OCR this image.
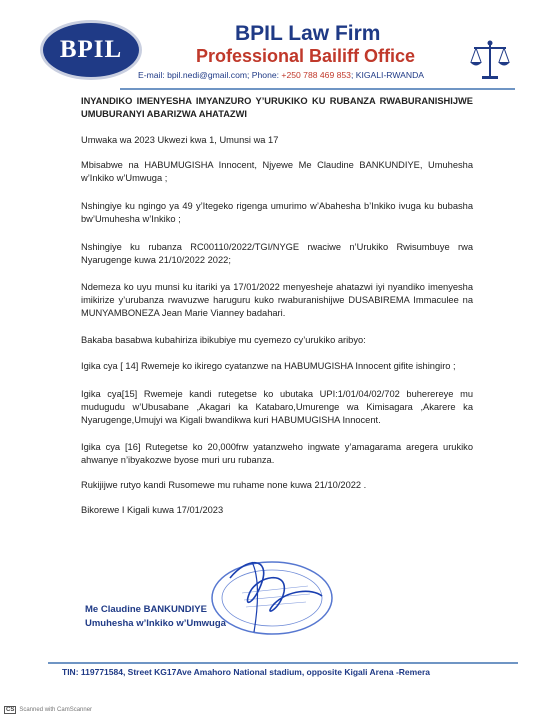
BPIL
BPIL Law Firm
Professional Bailiff Office
E-mail: bpil.nedi@gmail.com; Phone: +250 788 469 853; KIGALI-RWANDA

INYANDIKO IMENYESHA IMYANZURO Y’URUKIKO KU RUBANZA RWABURANISHIJWE UMUBURANYI ABARIZWA AHATAZWI

Umwaka wa 2023 Ukwezi kwa 1, Umunsi wa 17

Mbisabwe na HABUMUGISHA Innocent, Njyewe Me Claudine BANKUNDIYE, Umuhesha w’Inkiko w’Umwuga ;

Nshingiye ku ngingo ya 49 y’Itegeko rigenga umurimo w’Abahesha b’Inkiko ivuga ku bubasha bw’Umuhesha w’Inkiko ;

Nshingiye ku rubanza RC00110/2022/TGI/NYGE rwaciwe n’Urukiko Rwisumbuye rwa Nyarugenge kuwa 21/10/2022 2022;

Ndemeza ko uyu munsi ku itariki ya 17/01/2022 menyesheje ahatazwi iyi nyandiko imenyesha imikirize y’urubanza rwavuzwe haruguru kuko rwaburanishijwe DUSABIREMA Immaculee na MUNYAMBONEZA Jean Marie Vianney badahari.

Bakaba basabwa kubahiriza ibikubiye mu cyemezo cy’urukiko aribyo:

Igika cya [ 14] Rwemeje ko ikirego cyatanzwe na HABUMUGISHA Innocent gifite ishingiro ;

Igika cya[15] Rwemeje kandi rutegetse ko ubutaka UPI:1/01/04/02/702 buherereye mu mudugudu w’Ubusabane ,Akagari ka Katabaro,Umurenge wa Kimisagara ,Akarere ka Nyarugenge,Umujyi wa Kigali bwandikwa kuri HABUMUGISHA Innocent.

Igika cya [16] Rutegetse ko 20,000frw yatanzweho ingwate y’amagarama aregera urukiko ahwanye n’ibyakozwe byose muri uru rubanza.

Rukijijwe rutyo kandi Rusomewe mu ruhame none kuwa 21/10/2022 .

Bikorewe I Kigali kuwa 17/01/2023

Me Claudine BANKUNDIYE
Umuhesha w’Inkiko w’Umwuga
TIN: 119771584, Street KG17Ave Amahoro National stadium, opposite Kigali Arena -Remera
CS Scanned with CamScanner
